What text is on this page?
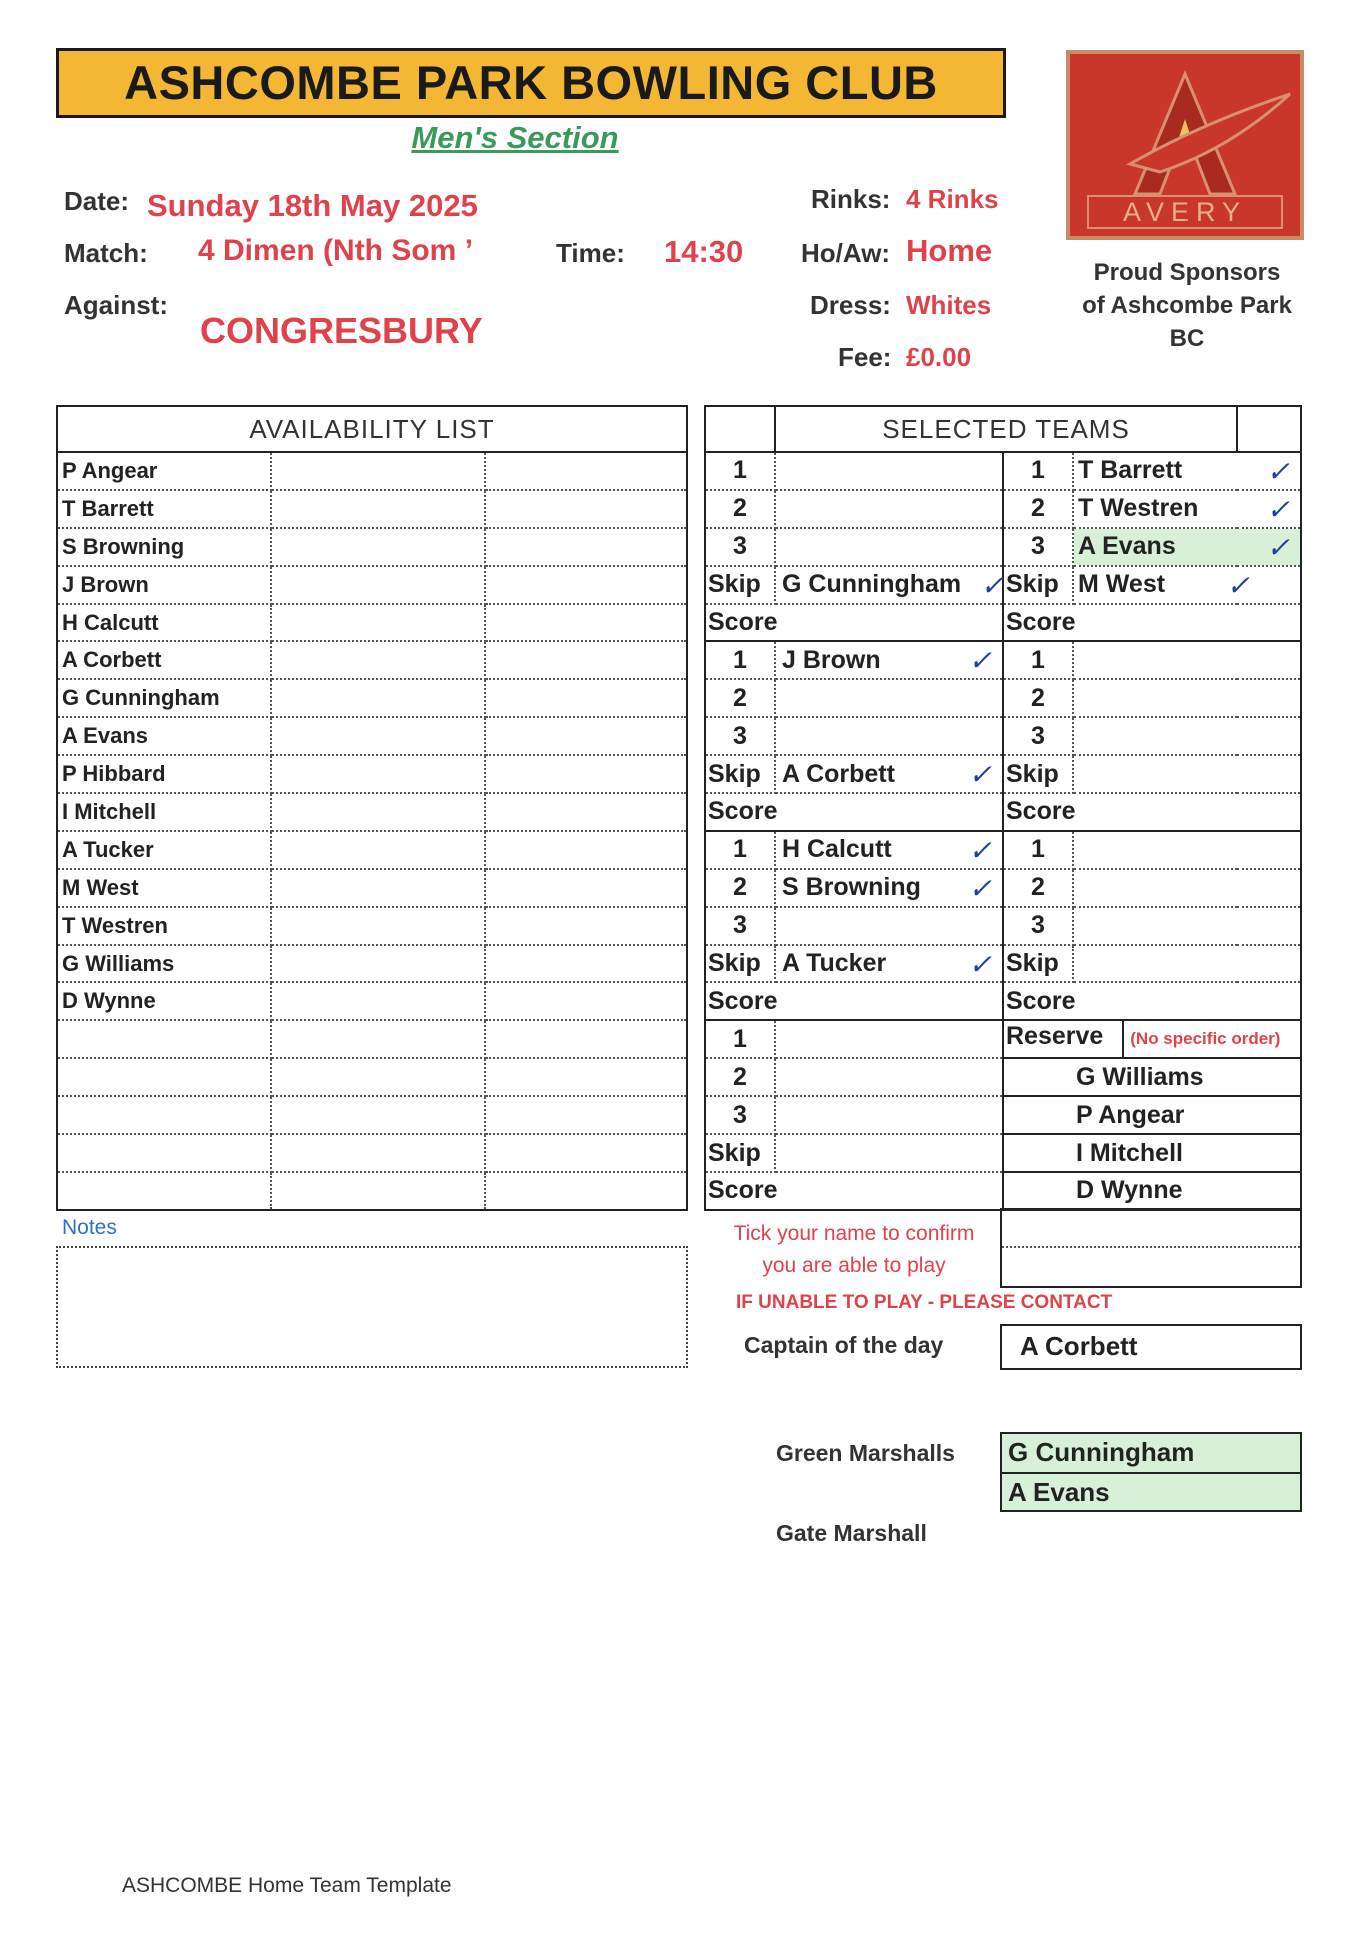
ASHCOMBE PARK BOWLING CLUB
Men's Section
Date: Sunday 18th May 2025
Match: 4 Dimen (Nth Som ’	Time: 14:30
Against:
CONGRESBURY
Rinks: 4 Rinks
Ho/Aw: Home
Dress: Whites
Fee: £0.00
AVERY
Proud Sponsors
of Ashcombe Park
BC
AVAILABILITY LIST		
P Angear		
T Barrett		
S Browning		
J Brown		
H Calcutt		
A Corbett		
G Cunningham		
A Evans		
P Hibbard		
I Mitchell		
A Tucker		
M West		
T Westren		
G Williams		
D Wynne		

	SELECTED TEAMS			
1		1	T Barrett ✓	

2		2	T Westren ✓	

3		3	A Evans ✓	

Skip	G Cunningham ✓	Skip	M West ✓	

Score		Score		
1	J Brown ✓	1		
2		2		
3		3		
Skip	A Corbett ✓	Skip		
Score		Score		
1	H Calcutt ✓	1		
2	S Browning ✓	2		
3		3		
Skip	A Tucker ✓	Skip		
Score		Score		
1		Reserve (No specific order)		
2		G Williams		
3		P Angear		
Skip		I Mitchell		
Score		D Wynne		
Notes	Tick your name to confirm
you are able to play
IF UNABLE TO PLAY - PLEASE CONTACT
Captain of the day	A Corbett
Green Marshalls G Cunningham
A Evans
Gate Marshall
ASHCOMBE Home Team Template
